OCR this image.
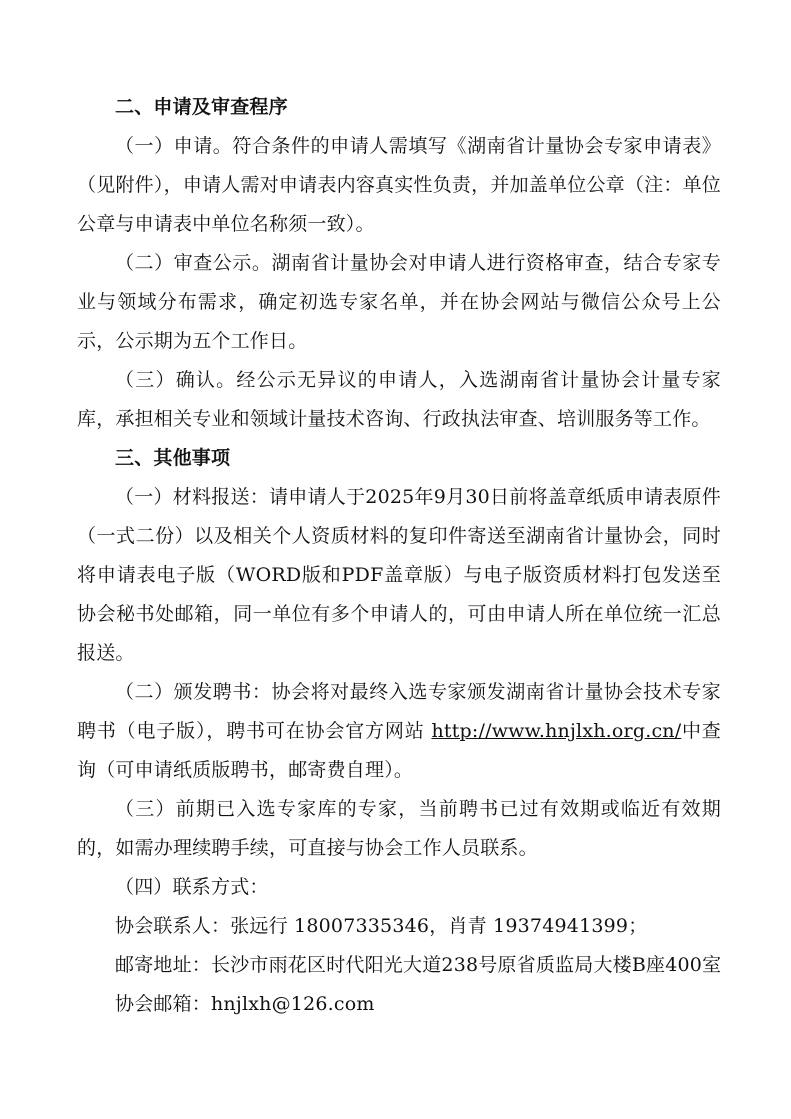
二、申请及审查程序

（一）申请。符合条件的申请人需填写《湖南省计量协会专家申请表》（见附件），申请人需对申请表内容真实性负责，并加盖单位公章（注：单位公章与申请表中单位名称须一致）。

（二）审查公示。湖南省计量协会对申请人进行资格审查，结合专家专业与领域分布需求，确定初选专家名单，并在协会网站与微信公众号上公示，公示期为五个工作日。

（三）确认。经公示无异议的申请人，入选湖南省计量协会计量专家库，承担相关专业和领域计量技术咨询、行政执法审查、培训服务等工作。

三、其他事项

（一）材料报送：请申请人于2025年9月30日前将盖章纸质申请表原件（一式二份）以及相关个人资质材料的复印件寄送至湖南省计量协会，同时将申请表电子版（WORD版和PDF盖章版）与电子版资质材料打包发送至协会秘书处邮箱，同一单位有多个申请人的，可由申请人所在单位统一汇总报送。

（二）颁发聘书：协会将对最终入选专家颁发湖南省计量协会技术专家聘书（电子版），聘书可在协会官方网站 http://www.hnjlxh.org.cn/中查询（可申请纸质版聘书，邮寄费自理）。

（三）前期已入选专家库的专家，当前聘书已过有效期或临近有效期的，如需办理续聘手续，可直接与协会工作人员联系。

（四）联系方式：

协会联系人：张远行 18007335346，肖青 19374941399；

邮寄地址：长沙市雨花区时代阳光大道238号原省质监局大楼B座400室

协会邮箱：hnjlxh@126.com
